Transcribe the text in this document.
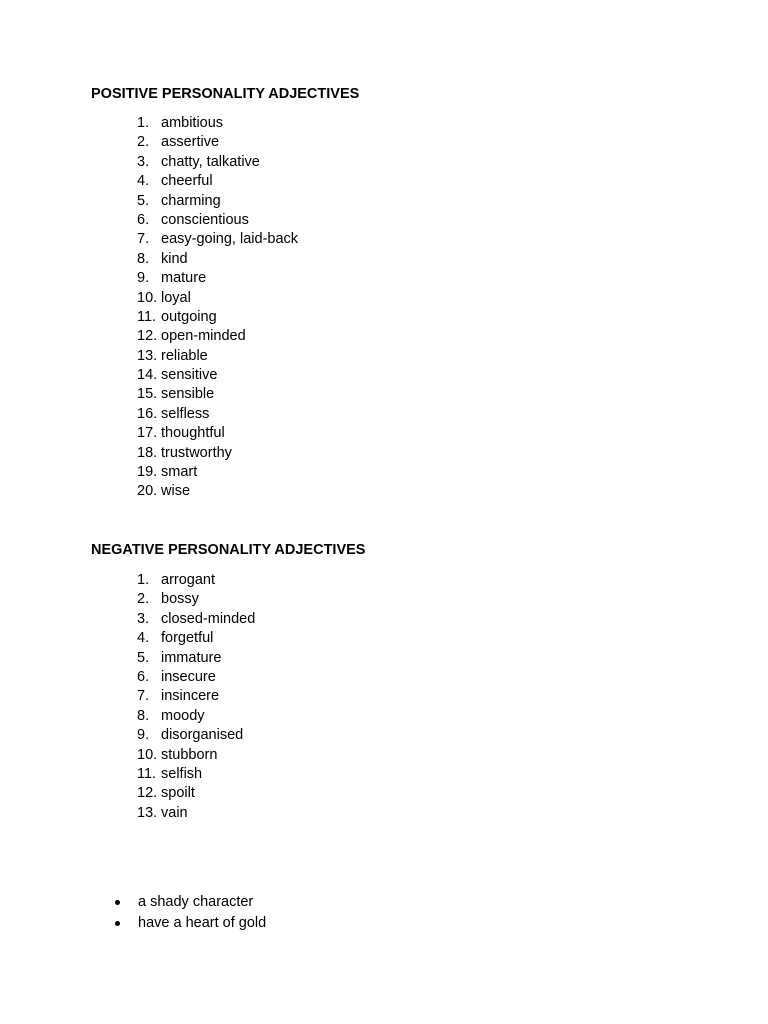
POSITIVE PERSONALITY ADJECTIVES
1. ambitious
2. assertive
3. chatty, talkative
4. cheerful
5. charming
6. conscientious
7. easy-going, laid-back
8. kind
9. mature
10. loyal
11. outgoing
12. open-minded
13. reliable
14. sensitive
15. sensible
16. selfless
17. thoughtful
18. trustworthy
19. smart
20. wise
NEGATIVE PERSONALITY ADJECTIVES
1. arrogant
2. bossy
3. closed-minded
4. forgetful
5. immature
6. insecure
7. insincere
8. moody
9. disorganised
10. stubborn
11. selfish
12. spoilt
13. vain
a shady character
have a heart of gold
